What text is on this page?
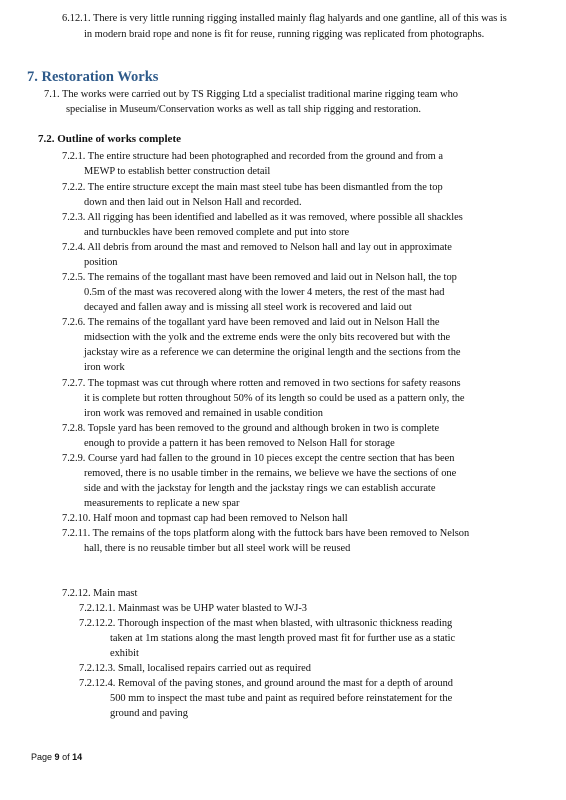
6.12.1. There is very little running rigging installed mainly flag halyards and one gantline, all of this was is
in modern braid rope and none is fit for reuse, running rigging was replicated from photographs.
7. Restoration Works
7.1. The works were carried out by TS Rigging Ltd a specialist traditional marine rigging team who
specialise in Museum/Conservation works as well as tall ship rigging and restoration.
7.2. Outline of works complete
7.2.1. The entire structure had been photographed and recorded from the ground and from a
MEWP to establish better construction detail
7.2.2. The entire structure except the main mast steel tube has been dismantled from the top
down and then laid out in Nelson Hall and recorded.
7.2.3. All rigging has been identified and labelled as it was removed, where possible all shackles
and turnbuckles have been removed complete and put into store
7.2.4. All debris from around the mast and removed to Nelson hall and lay out in approximate
position
7.2.5. The remains of the togallant mast have been removed and laid out in Nelson hall, the top
0.5m of the mast was recovered along with the lower 4 meters, the rest of the mast had
decayed and fallen away and is missing all steel work is recovered and laid out
7.2.6. The remains of the togallant yard have been removed and laid out in Nelson Hall the
midsection with the yolk and the extreme ends were the only bits recovered but with the
jackstay wire as a reference we can determine the original length and the sections from the
iron work
7.2.7. The topmast was cut through where rotten and removed in two sections for safety reasons
it is complete but rotten throughout 50% of its length so could be used as a pattern only, the
iron work was removed and remained in usable condition
7.2.8. Topsle yard has been removed to the ground and although broken in two is complete
enough to provide a pattern it has been removed to Nelson Hall for storage
7.2.9. Course yard had fallen to the ground in 10 pieces except the centre section that has been
removed, there is no usable timber in the remains, we believe we have the sections of one
side and with the jackstay for length and the jackstay rings we can establish accurate
measurements to replicate a new spar
7.2.10. Half moon and topmast cap had been removed to Nelson hall
7.2.11. The remains of the tops platform along with the futtock bars have been removed to Nelson
hall, there is no reusable timber but all steel work will be reused
7.2.12. Main mast
7.2.12.1. Mainmast was be UHP water blasted to WJ-3
7.2.12.2. Thorough inspection of the mast when blasted, with ultrasonic thickness reading
taken at 1m stations along the mast length proved mast fit for further use as a static
exhibit
7.2.12.3. Small, localised repairs carried out as required
7.2.12.4. Removal of the paving stones, and ground around the mast for a depth of around
500 mm to inspect the mast tube and paint as required before reinstatement for the
ground and paving
Page 9 of 14
